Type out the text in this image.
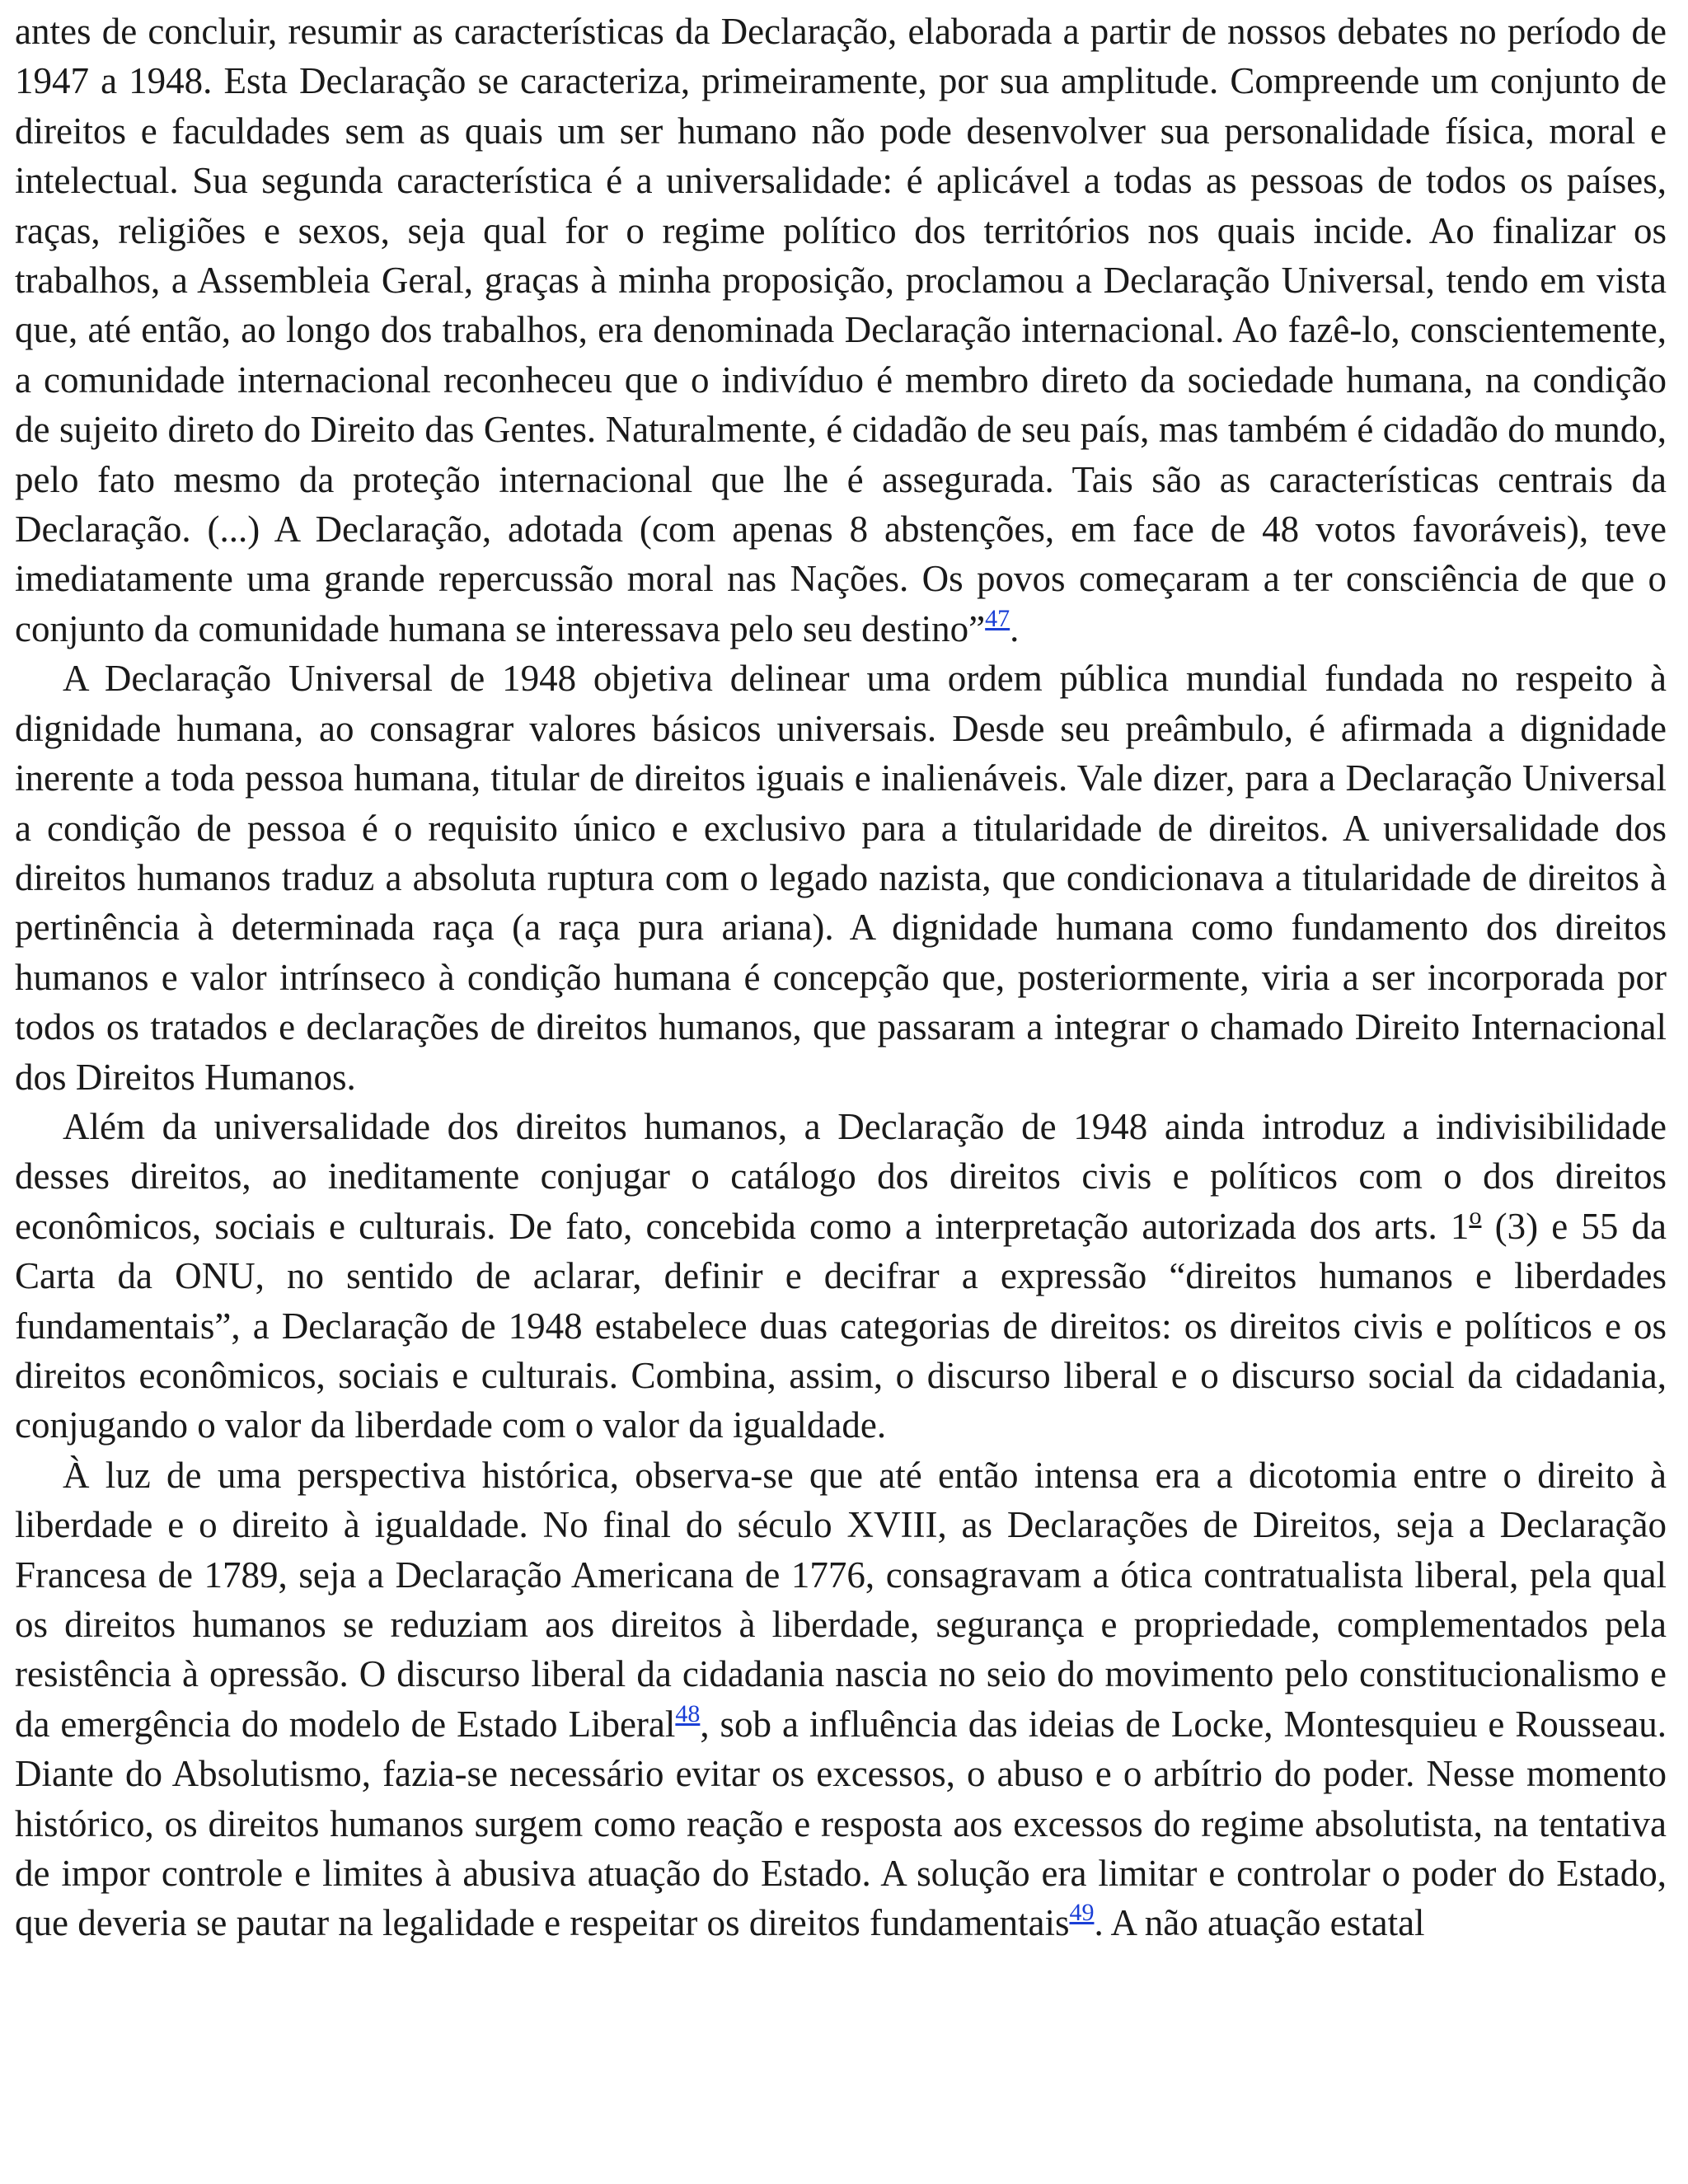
antes de concluir, resumir as características da Declaração, elaborada a partir de nossos debates no período de 1947 a 1948. Esta Declaração se caracteriza, primeiramente, por sua amplitude. Compreende um conjunto de direitos e faculdades sem as quais um ser humano não pode desenvolver sua personalidade física, moral e intelectual. Sua segunda característica é a universalidade: é aplicável a todas as pessoas de todos os países, raças, religiões e sexos, seja qual for o regime político dos territórios nos quais incide. Ao finalizar os trabalhos, a Assembleia Geral, graças à minha proposição, proclamou a Declaração Universal, tendo em vista que, até então, ao longo dos trabalhos, era denominada Declaração internacional. Ao fazê-lo, conscientemente, a comunidade internacional reconheceu que o indivíduo é membro direto da sociedade humana, na condição de sujeito direto do Direito das Gentes. Naturalmente, é cidadão de seu país, mas também é cidadão do mundo, pelo fato mesmo da proteção internacional que lhe é assegurada. Tais são as características centrais da Declaração. (...) A Declaração, adotada (com apenas 8 abstenções, em face de 48 votos favoráveis), teve imediatamente uma grande repercussão moral nas Nações. Os povos começaram a ter consciência de que o conjunto da comunidade humana se interessava pelo seu destino”$^{47}$.

A Declaração Universal de 1948 objetiva delinear uma ordem pública mundial fundada no respeito à dignidade humana, ao consagrar valores básicos universais. Desde seu preâmbulo, é afirmada a dignidade inerente a toda pessoa humana, titular de direitos iguais e inalienáveis. Vale dizer, para a Declaração Universal a condição de pessoa é o requisito único e exclusivo para a titularidade de direitos. A universalidade dos direitos humanos traduz a absoluta ruptura com o legado nazista, que condicionava a titularidade de direitos à pertinência à determinada raça (a raça pura ariana). A dignidade humana como fundamento dos direitos humanos e valor intrínseco à condição humana é concepção que, posteriormente, viria a ser incorporada por todos os tratados e declarações de direitos humanos, que passaram a integrar o chamado Direito Internacional dos Direitos Humanos.

Além da universalidade dos direitos humanos, a Declaração de 1948 ainda introduz a indivisibilidade desses direitos, ao ineditamente conjugar o catálogo dos direitos civis e políticos com o dos direitos econômicos, sociais e culturais. De fato, concebida como a interpretação autorizada dos arts. 1$^o$ (3) e 55 da Carta da ONU, no sentido de aclarar, definir e decifrar a expressão “direitos humanos e liberdades fundamentais”, a Declaração de 1948 estabelece duas categorias de direitos: os direitos civis e políticos e os direitos econômicos, sociais e culturais. Combina, assim, o discurso liberal e o discurso social da cidadania, conjugando o valor da liberdade com o valor da igualdade.

À luz de uma perspectiva histórica, observa-se que até então intensa era a dicotomia entre o direito à liberdade e o direito à igualdade. No final do século XVIII, as Declarações de Direitos, seja a Declaração Francesa de 1789, seja a Declaração Americana de 1776, consagravam a ótica contratualista liberal, pela qual os direitos humanos se reduziam aos direitos à liberdade, segurança e propriedade, complementados pela resistência à opressão. O discurso liberal da cidadania nascia no seio do movimento pelo constitucionalismo e da emergência do modelo de Estado Liberal$^{48}$, sob a influência das ideias de Locke, Montesquieu e Rousseau. Diante do Absolutismo, fazia-se necessário evitar os excessos, o abuso e o arbítrio do poder. Nesse momento histórico, os direitos humanos surgem como reação e resposta aos excessos do regime absolutista, na tentativa de impor controle e limites à abusiva atuação do Estado. A solução era limitar e controlar o poder do Estado, que deveria se pautar na legalidade e respeitar os direitos fundamentais$^{49}$. A não atuação estatal
